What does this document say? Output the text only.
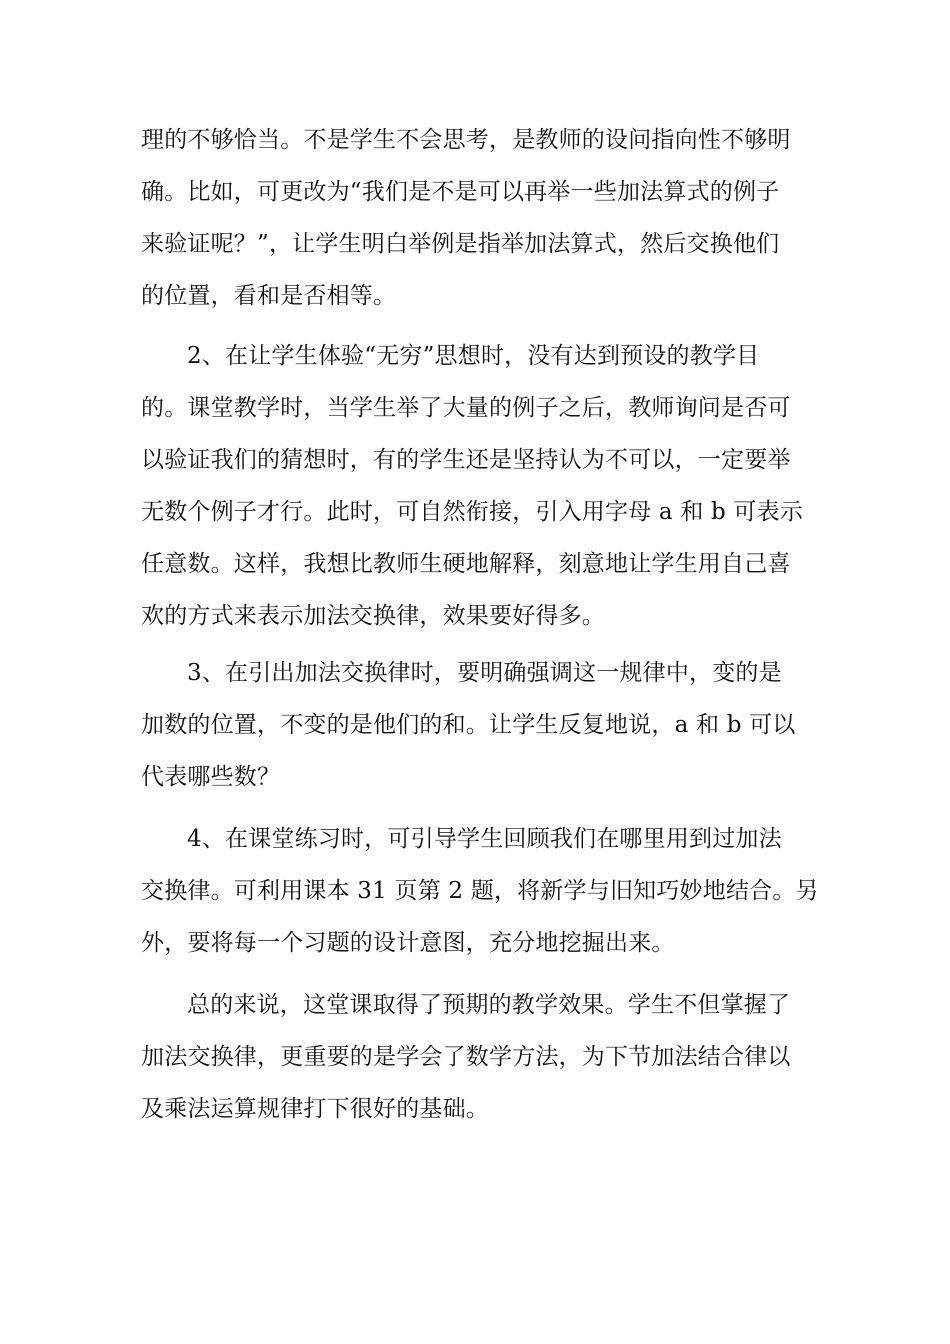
理的不够恰当。不是学生不会思考，是教师的设问指向性不够明
确。比如，可更改为“我们是不是可以再举一些加法算式的例子
来验证呢？”，让学生明白举例是指举加法算式，然后交换他们
的位置，看和是否相等。
2、在让学生体验“无穷”思想时，没有达到预设的教学目
的。课堂教学时，当学生举了大量的例子之后，教师询问是否可
以验证我们的猜想时，有的学生还是坚持认为不可以，一定要举
无数个例子才行。此时，可自然衔接，引入用字母 a 和 b 可表示
任意数。这样，我想比教师生硬地解释，刻意地让学生用自己喜
欢的方式来表示加法交换律，效果要好得多。
3、在引出加法交换律时，要明确强调这一规律中，变的是
加数的位置，不变的是他们的和。让学生反复地说，a 和 b 可以
代表哪些数？
4、在课堂练习时，可引导学生回顾我们在哪里用到过加法
交换律。可利用课本 31 页第 2 题，将新学与旧知巧妙地结合。另
外，要将每一个习题的设计意图，充分地挖掘出来。
总的来说，这堂课取得了预期的教学效果。学生不但掌握了
加法交换律，更重要的是学会了数学方法，为下节加法结合律以
及乘法运算规律打下很好的基础。
